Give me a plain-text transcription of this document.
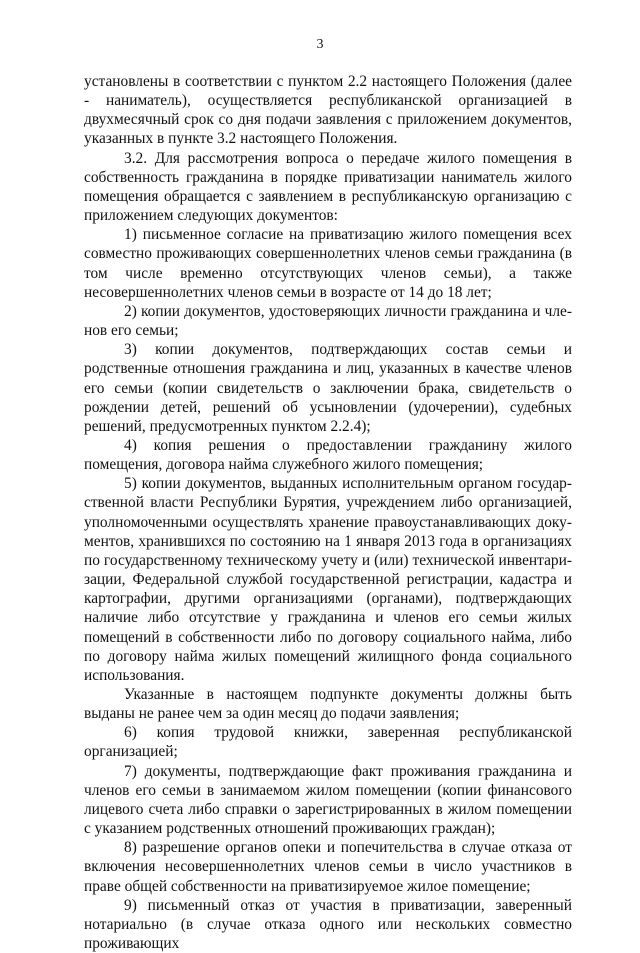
3

установлены в соответствии с пунктом 2.2 настоящего Положения (далее - наниматель), осуществляется республиканской организацией в двухмесячный срок со дня подачи заявления с приложением документов, указанных в пункте 3.2 настоящего Положения.

3.2. Для рассмотрения вопроса о передаче жилого помещения в собственность гражданина в порядке приватизации наниматель жилого помещения обращается с заявлением в республиканскую организацию с приложением следующих документов:

1) письменное согласие на приватизацию жилого помещения всех совместно проживающих совершеннолетних членов семьи гражданина (в том числе временно отсутствующих членов семьи), а также несовершеннолетних членов семьи в возрасте от 14 до 18 лет;

2) копии документов, удостоверяющих личности гражданина и членов его семьи;

3) копии документов, подтверждающих состав семьи и родственные отношения гражданина и лиц, указанных в качестве членов его семьи (копии свидетельств о заключении брака, свидетельств о рождении детей, решений об усыновлении (удочерении), судебных решений, предусмотренных пунктом 2.2.4);

4) копия решения о предоставлении гражданину жилого помещения, договора найма служебного жилого помещения;

5) копии документов, выданных исполнительным органом государственной власти Республики Бурятия, учреждением либо организацией, уполномоченными осуществлять хранение правоустанавливающих документов, хранившихся по состоянию на 1 января 2013 года в организациях по государственному техническому учету и (или) технической инвентаризации, Федеральной службой государственной регистрации, кадастра и картографии, другими организациями (органами), подтверждающих наличие либо отсутствие у гражданина и членов его семьи жилых помещений в собственности либо по договору социального найма, либо по договору найма жилых помещений жилищного фонда социального использования.

Указанные в настоящем подпункте документы должны быть выданы не ранее чем за один месяц до подачи заявления;

6) копия трудовой книжки, заверенная республиканской организацией;

7) документы, подтверждающие факт проживания гражданина и членов его семьи в занимаемом жилом помещении (копии финансового лицевого счета либо справки о зарегистрированных в жилом помещении с указанием родственных отношений проживающих граждан);

8) разрешение органов опеки и попечительства в случае отказа от включения несовершеннолетних членов семьи в число участников в праве общей собственности на приватизируемое жилое помещение;

9) письменный отказ от участия в приватизации, заверенный нотариально (в случае отказа одного или нескольких совместно проживающих
